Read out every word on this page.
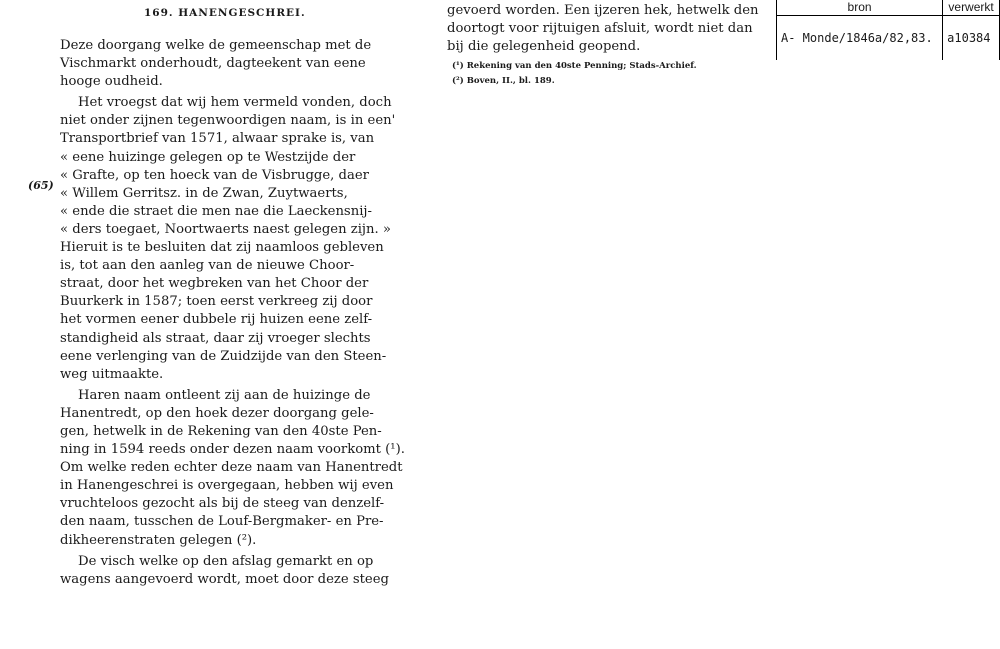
169. HANENGESCHREI.
(65)
Deze doorgang welke de gemeenschap met de
Vischmarkt onderhoudt, dagteekent van eene
hooge oudheid.
Het vroegst dat wij hem vermeld vonden, doch
niet onder zijnen tegenwoordigen naam, is in een'
Transportbrief van 1571, alwaar sprake is, van
« eene huizinge gelegen op te Westzijde der
« Grafte, op ten hoeck van de Visbrugge, daer
« Willem Gerritsz. in de Zwan, Zuytwaerts,
« ende die straet die men nae die Laeckensnij-
« ders toegaet, Noortwaerts naest gelegen zijn. »
Hieruit is te besluiten dat zij naamloos gebleven
is, tot aan den aanleg van de nieuwe Choor-
straat, door het wegbreken van het Choor der
Buurkerk in 1587; toen eerst verkreeg zij door
het vormen eener dubbele rij huizen eene zelf-
standigheid als straat, daar zij vroeger slechts
eene verlenging van de Zuidzijde van den Steen-
weg uitmaakte.
Haren naam ontleent zij aan de huizinge de
Hanentredt, op den hoek dezer doorgang gele-
gen, hetwelk in de Rekening van den 40ste Pen-
ning in 1594 reeds onder dezen naam voorkomt (¹).
Om welke reden echter deze naam van Hanentredt
in Hanengeschrei is overgegaan, hebben wij even
vruchteloos gezocht als bij de steeg van denzelf-
den naam, tusschen de Louf-Bergmaker- en Pre-
dikheerenstraten gelegen (²).
De visch welke op den afslag gemarkt en op
wagens aangevoerd wordt, moet door deze steeg
gevoerd worden. Een ijzeren hek, hetwelk den
doortogt voor rijtuigen afsluit, wordt niet dan
bij die gelegenheid geopend.
(¹) Rekening van den 40ste Penning; Stads-Archief.
(²) Boven, II., bl. 189.
bron	verwerkt
A- Monde/1846a/82,83.	a10384
